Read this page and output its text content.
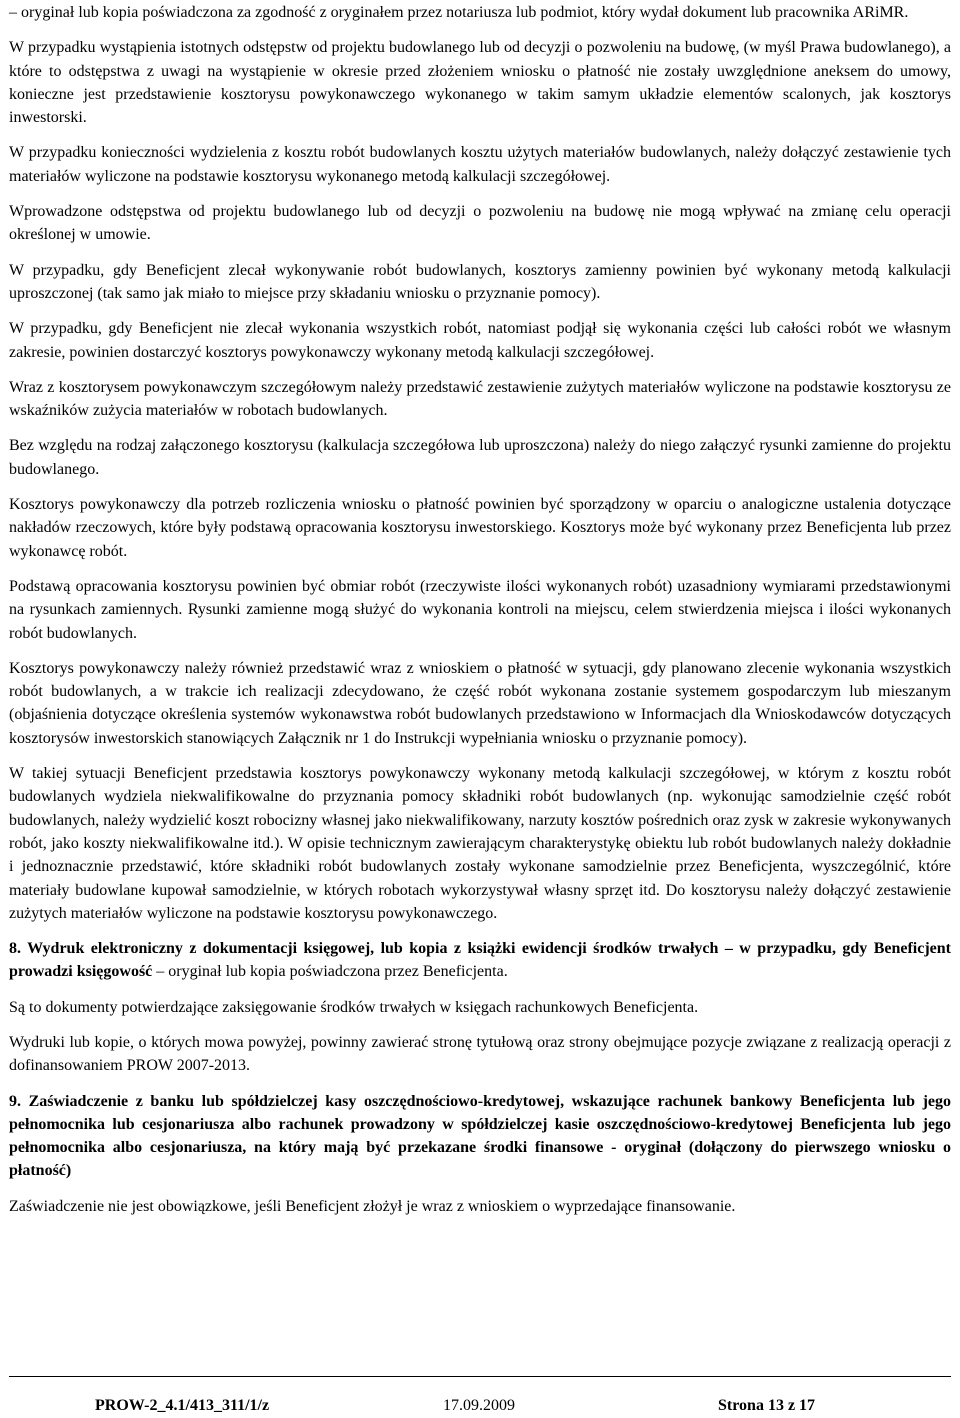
– oryginał lub kopia poświadczona za zgodność z oryginałem przez notariusza lub podmiot, który wydał dokument lub pracownika ARiMR.

W przypadku wystąpienia istotnych odstępstw od projektu budowlanego lub od decyzji o pozwoleniu na budowę, (w myśl Prawa budowlanego), a które to odstępstwa z uwagi na wystąpienie w okresie przed złożeniem wniosku o płatność nie zostały uwzględnione aneksem do umowy, konieczne jest przedstawienie kosztorysu powykonawczego wykonanego w takim samym układzie elementów scalonych, jak kosztorys inwestorski.

W przypadku konieczności wydzielenia z kosztu robót budowlanych kosztu użytych materiałów budowlanych, należy dołączyć zestawienie tych materiałów wyliczone na podstawie kosztorysu wykonanego metodą kalkulacji szczegółowej.

Wprowadzone odstępstwa od projektu budowlanego lub od decyzji o pozwoleniu na budowę nie mogą wpływać na zmianę celu operacji określonej w umowie.

W przypadku, gdy Beneficjent zlecał wykonywanie robót budowlanych, kosztorys zamienny powinien być wykonany metodą kalkulacji uproszczonej (tak samo jak miało to miejsce przy składaniu wniosku o przyznanie pomocy).

W przypadku, gdy Beneficjent nie zlecał wykonania wszystkich robót, natomiast podjął się wykonania części lub całości robót we własnym zakresie, powinien dostarczyć kosztorys powykonawczy wykonany metodą kalkulacji szczegółowej.

Wraz z kosztorysem powykonawczym szczegółowym należy przedstawić zestawienie zużytych materiałów wyliczone na podstawie kosztorysu ze wskaźników zużycia materiałów w robotach budowlanych.

Bez względu na rodzaj załączonego kosztorysu (kalkulacja szczegółowa lub uproszczona) należy do niego załączyć rysunki zamienne do projektu budowlanego.

Kosztorys powykonawczy dla potrzeb rozliczenia wniosku o płatność powinien być sporządzony w oparciu o analogiczne ustalenia dotyczące nakładów rzeczowych, które były podstawą opracowania kosztorysu inwestorskiego. Kosztorys może być wykonany przez Beneficjenta lub przez wykonawcę robót.

Podstawą opracowania kosztorysu powinien być obmiar robót (rzeczywiste ilości wykonanych robót) uzasadniony wymiarami przedstawionymi na rysunkach zamiennych. Rysunki zamienne mogą służyć do wykonania kontroli na miejscu, celem stwierdzenia miejsca i ilości wykonanych robót budowlanych.

Kosztorys powykonawczy należy również przedstawić wraz z wnioskiem o płatność w sytuacji, gdy planowano zlecenie wykonania wszystkich robót budowlanych, a w trakcie ich realizacji zdecydowano, że część robót wykonana zostanie systemem gospodarczym lub mieszanym (objaśnienia dotyczące określenia systemów wykonawstwa robót budowlanych przedstawiono w Informacjach dla Wnioskodawców dotyczących kosztorysów inwestorskich stanowiących Załącznik nr 1 do Instrukcji wypełniania wniosku o przyznanie pomocy).

W takiej sytuacji Beneficjent przedstawia kosztorys powykonawczy wykonany metodą kalkulacji szczegółowej, w którym z kosztu robót budowlanych wydziela niekwalifikowalne do przyznania pomocy składniki robót budowlanych (np. wykonując samodzielnie część robót budowlanych, należy wydzielić koszt robocizny własnej jako niekwalifikowany, narzuty kosztów pośrednich oraz zysk w zakresie wykonywanych robót, jako koszty niekwalifikowalne itd.). W opisie technicznym zawierającym charakterystykę obiektu lub robót budowlanych należy dokładnie i jednoznacznie przedstawić, które składniki robót budowlanych zostały wykonane samodzielnie przez Beneficjenta, wyszczególnić, które materiały budowlane kupował samodzielnie, w których robotach wykorzystywał własny sprzęt itd. Do kosztorysu należy dołączyć zestawienie zużytych materiałów wyliczone na podstawie kosztorysu powykonawczego.

8. Wydruk elektroniczny z dokumentacji księgowej, lub kopia z książki ewidencji środków trwałych – w przypadku, gdy Beneficjent prowadzi księgowość – oryginał lub kopia poświadczona przez Beneficjenta.

Są to dokumenty potwierdzające zaksięgowanie środków trwałych w księgach rachunkowych Beneficjenta.

Wydruki lub kopie, o których mowa powyżej, powinny zawierać stronę tytułową oraz strony obejmujące pozycje związane z realizacją operacji z dofinansowaniem PROW 2007-2013.

9. Zaświadczenie z banku lub spółdzielczej kasy oszczędnościowo-kredytowej, wskazujące rachunek bankowy Beneficjenta lub jego pełnomocnika lub cesjonariusza albo rachunek prowadzony w spółdzielczej kasie oszczędnościowo-kredytowej Beneficjenta lub jego pełnomocnika albo cesjonariusza, na który mają być przekazane środki finansowe - oryginał (dołączony do pierwszego wniosku o płatność)

Zaświadczenie nie jest obowiązkowe, jeśli Beneficjent złożył je wraz z wnioskiem o wyprzedające finansowanie.

PROW-2_4.1/413_311/1/z	17.09.2009	Strona 13 z 17
